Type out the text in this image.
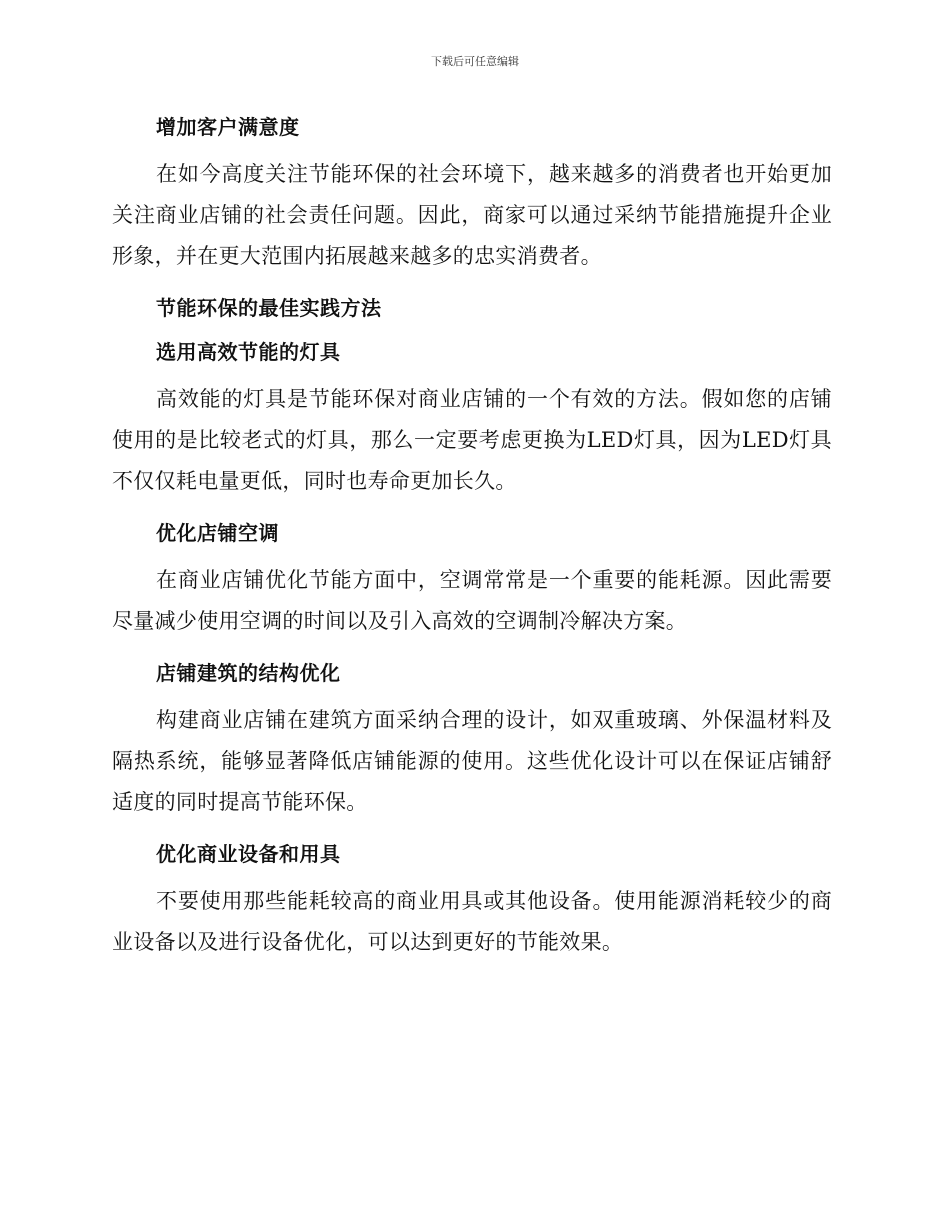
下载后可任意编辑
增加客户满意度

在如今高度关注节能环保的社会环境下，越来越多的消费者也开始更加关注商业店铺的社会责任问题。因此，商家可以通过采纳节能措施提升企业形象，并在更大范围内拓展越来越多的忠实消费者。

节能环保的最佳实践方法
选用高效节能的灯具

高效能的灯具是节能环保对商业店铺的一个有效的方法。假如您的店铺使用的是比较老式的灯具，那么一定要考虑更换为LED灯具，因为LED灯具不仅仅耗电量更低，同时也寿命更加长久。

优化店铺空调

在商业店铺优化节能方面中，空调常常是一个重要的能耗源。因此需要尽量减少使用空调的时间以及引入高效的空调制冷解决方案。

店铺建筑的结构优化

构建商业店铺在建筑方面采纳合理的设计，如双重玻璃、外保温材料及隔热系统，能够显著降低店铺能源的使用。这些优化设计可以在保证店铺舒适度的同时提高节能环保。

优化商业设备和用具

不要使用那些能耗较高的商业用具或其他设备。使用能源消耗较少的商业设备以及进行设备优化，可以达到更好的节能效果。
